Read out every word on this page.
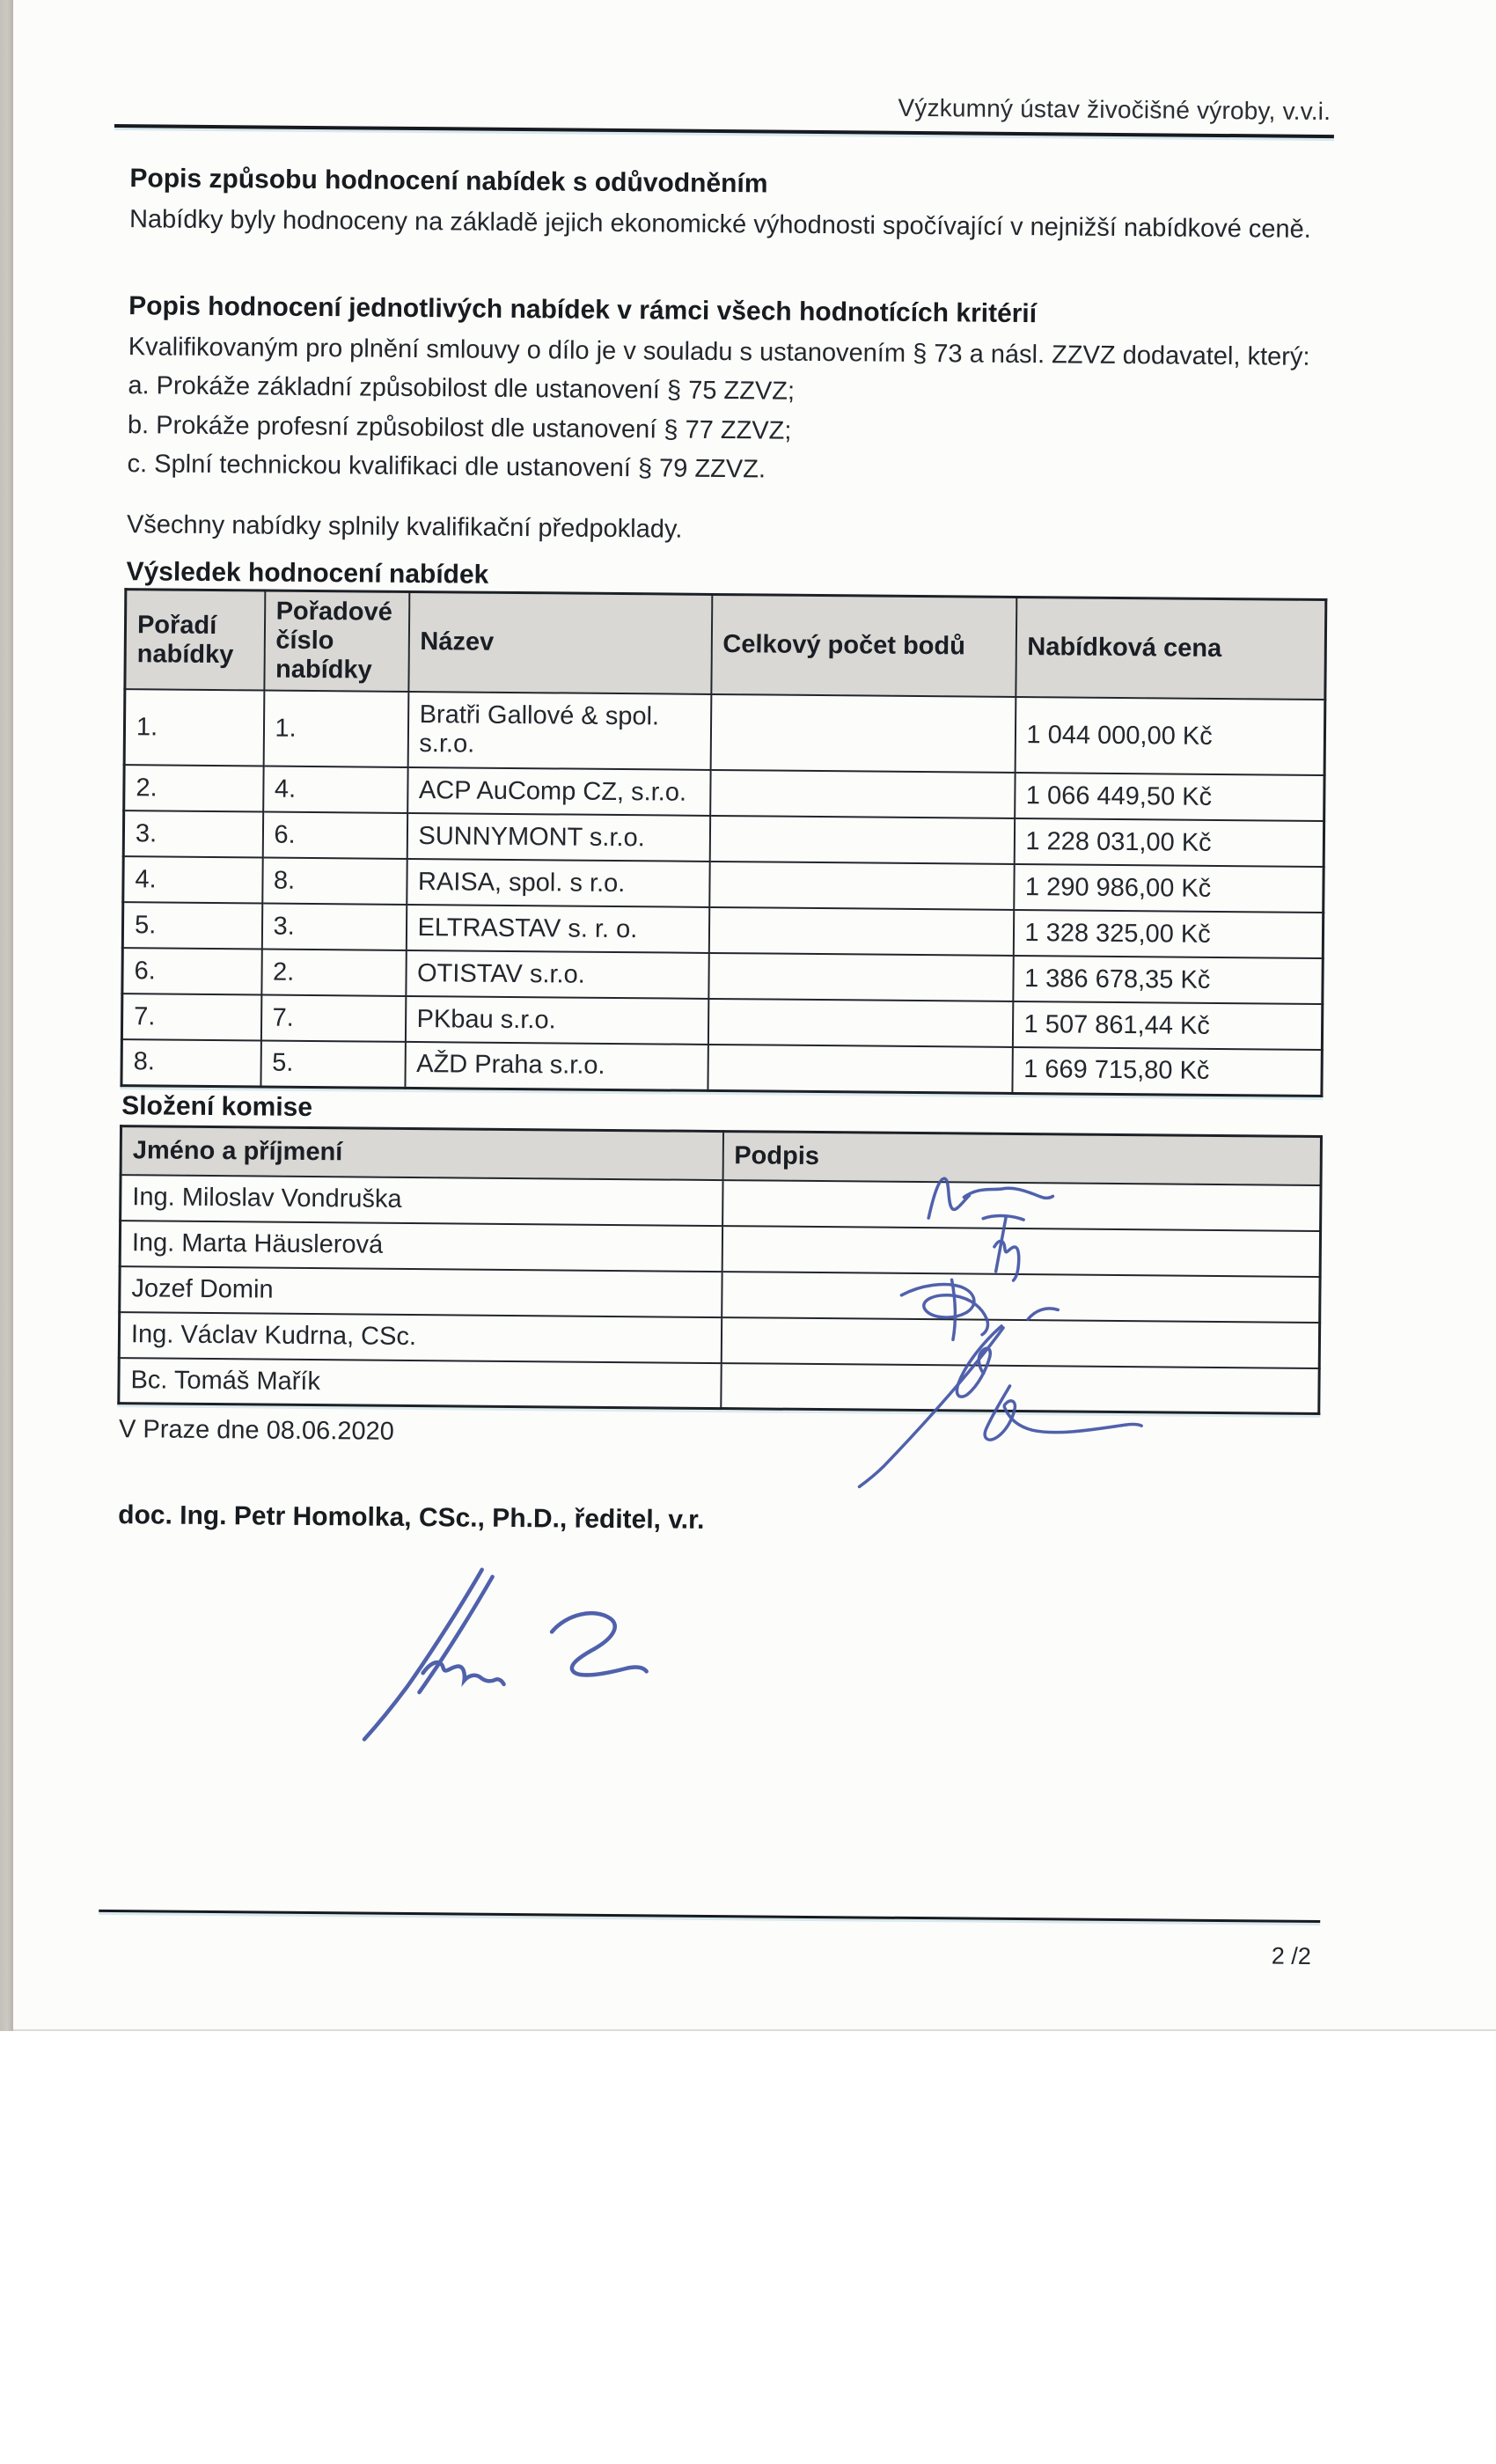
Výzkumný ústav živočišné výroby, v.v.i.
Popis způsobu hodnocení nabídek s odůvodněním
Nabídky byly hodnoceny na základě jejich ekonomické výhodnosti spočívající v nejnižší nabídkové ceně.
Popis hodnocení jednotlivých nabídek v rámci všech hodnotících kritérií
Kvalifikovaným pro plnění smlouvy o dílo je v souladu s ustanovením § 73 a násl. ZZVZ dodavatel, který:
a. Prokáže základní způsobilost dle ustanovení § 75 ZZVZ;
b. Prokáže profesní způsobilost dle ustanovení § 77 ZZVZ;
c. Splní technickou kvalifikaci dle ustanovení § 79 ZZVZ.
Všechny nabídky splnily kvalifikační předpoklady.
Výsledek hodnocení nabídek
Pořadí nabídky	Pořadové číslo nabídky	Název	Celkový počet bodů	Nabídková cena
1.	1.	Bratři Gallové & spol. s.r.o.		1 044 000,00 Kč
2.	4.	ACP AuComp CZ, s.r.o.		1 066 449,50 Kč
3.	6.	SUNNYMONT s.r.o.		1 228 031,00 Kč
4.	8.	RAISA, spol. s r.o.		1 290 986,00 Kč
5.	3.	ELTRASTAV s. r. o.		1 328 325,00 Kč
6.	2.	OTISTAV s.r.o.		1 386 678,35 Kč
7.	7.	PKbau s.r.o.		1 507 861,44 Kč
8.	5.	AŽD Praha s.r.o.		1 669 715,80 Kč
Složení komise
Jméno a příjmení	Podpis
Ing. Miloslav Vondruška	
Ing. Marta Häuslerová	
Jozef Domin	
Ing. Václav Kudrna, CSc.	
Bc. Tomáš Mařík	
V Praze dne 08.06.2020
doc. Ing. Petr Homolka, CSc., Ph.D., ředitel, v.r.
2 /2
